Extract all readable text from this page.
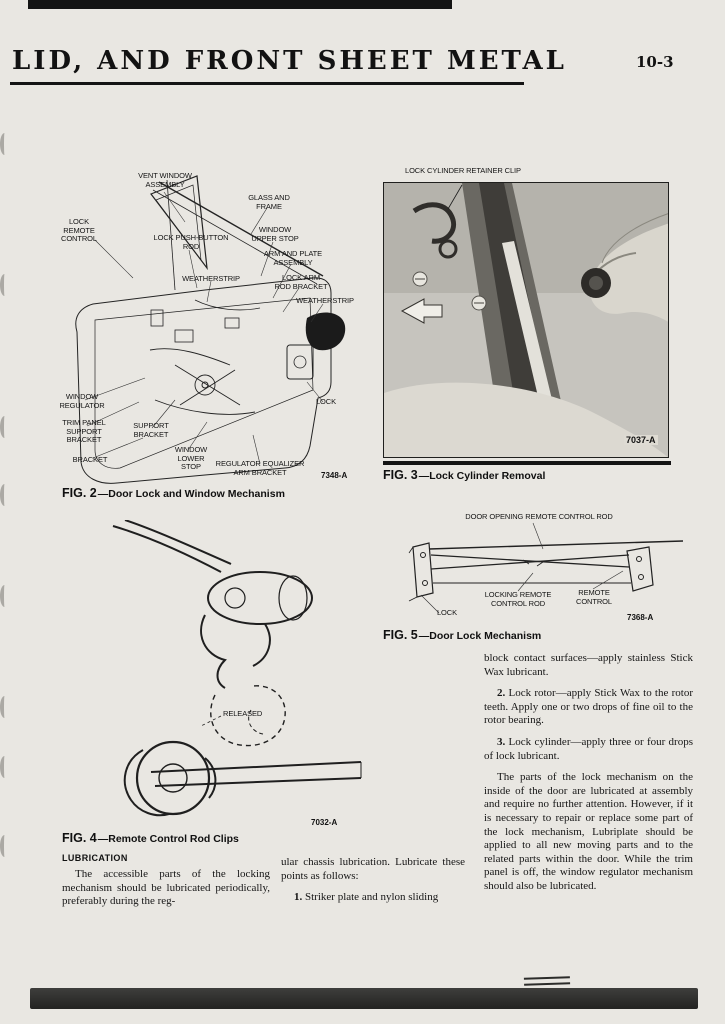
LID, AND FRONT SHEET METAL	10-3
VENT WINDOW ASSEMBLY
GLASS AND FRAME
LOCK REMOTE CONTROL	LOCK PUSH-BUTTON ROD
WINDOW UPPER STOP
ARM AND PLATE ASSEMBLY
WEATHERSTRIP	LOCK ARM ROD BRACKET
WEATHERSTRIP
WINDOW REGULATOR
TRIM PANEL SUPPORT BRACKET
SUPPORT BRACKET
BRACKET
WINDOW LOWER STOP	REGULATOR EQUALIZER ARM BRACKET
LOCK
7348-A
FIG. 2—Door Lock and Window Mechanism
LOCK CYLINDER RETAINER CLIP
7037-A
FIG. 3—Lock Cylinder Removal
DOOR OPENING REMOTE CONTROL ROD
LOCKING REMOTE CONTROL ROD
REMOTE CONTROL
LOCK
7368-A
FIG. 5—Door Lock Mechanism
RELEASED
7032-A
FIG. 4—Remote Control Rod Clips
LUBRICATION

The accessible parts of the locking mechanism should be lubricated periodically, preferably during the reg-

ular chassis lubrication. Lubricate these points as follows:

1. Striker plate and nylon sliding

block contact surfaces—apply stainless Stick Wax lubricant.

2. Lock rotor—apply Stick Wax to the rotor teeth. Apply one or two drops of fine oil to the rotor bearing.

3. Lock cylinder—apply three or four drops of lock lubricant.

The parts of the lock mechanism on the inside of the door are lubricated at assembly and require no further attention. However, if it is necessary to repair or replace some part of the lock mechanism, Lubriplate should be applied to all new moving parts and to the related parts within the door. While the trim panel is off, the window regulator mechanism should also be lubricated.
